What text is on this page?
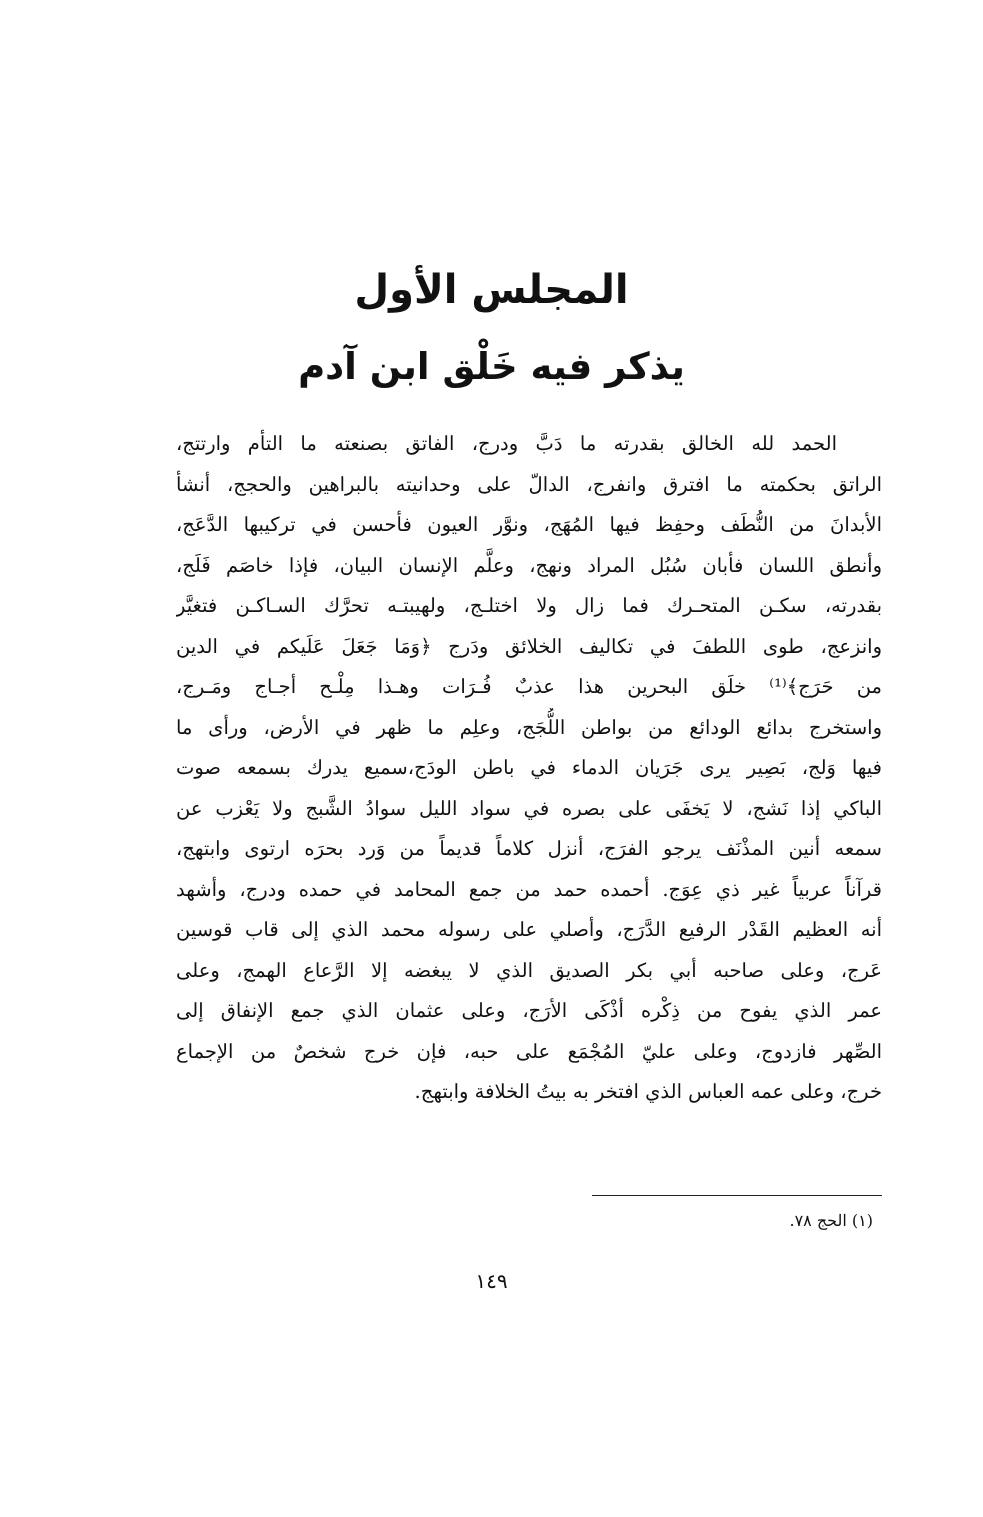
المجلس الأول
يذكر فيه خَلْق ابن آدم
الحمد لله الخالق بقدرته ما دَبَّ ودرج، الفاتق بصنعته ما التأم وارتتج،
الراتق بحكمته ما افترق وانفرج، الدالّ على وحدانيته بالبراهين والحجج، أنشأ
الأبدانَ من النُّطَف وحفِظ فيها المُهَج، ونوَّر العيون فأحسن في تركيبها الدَّعَج،
وأنطق اللسان فأبان سُبُل المراد ونهج، وعلَّم الإنسان البيان، فإذا خاصَم فَلَج،
بقدرته، سكـن المتحـرك فما زال ولا اختلـج، ولهيبتـه تحرَّك السـاكـن فتغيَّر
وانزعج، طوى اللطفَ في تكاليف الخلائق ودَرج ﴿وَمَا جَعَلَ عَلَيكم في الدين
من حَرَج﴾⁽¹⁾ خلَق البحرين هذا عذبٌ فُـرَات وهـذا مِلْـح أجـاج ومَـرج،
واستخرج بدائع الودائع من بواطن اللُّجَج، وعلِم ما ظهر في الأرض، ورأى ما
فيها وَلج، بَصِير يرى جَرَيان الدماء في باطن الودَج،سميع يدرك بسمعه صوت
الباكي إذا نَشج، لا يَخفَى على بصره في سواد الليل سوادُ الشَّبج ولا يَعْزب عن
سمعه أنين المذْنَف يرجو الفرَج، أنزل كلاماً قديماً من وَرد بحرَه ارتوى وابتهج،
قرآناً عربياً غير ذي عِوَج. أحمده حمد من جمع المحامد في حمده ودرج، وأشهد
أنه العظيم القَدْر الرفيع الدَّرَج، وأصلي على رسوله محمد الذي إلى قاب قوسين
عَرج، وعلى صاحبه أبي بكر الصديق الذي لا يبغضه إلا الرَّعاع الهمج، وعلى
عمر الذي يفوح من ذِكْره أذْكَى الأرَج، وعلى عثمان الذي جمع الإنفاق إلى
الصِّهر فازدوج، وعلى عليّ المُجْمَع على حبه، فإن خرج شخصٌ من الإجماع
خرج، وعلى عمه العباس الذي افتخر به بيتُ الخلافة وابتهج.
(١) الحج ٧٨.
١٤٩
